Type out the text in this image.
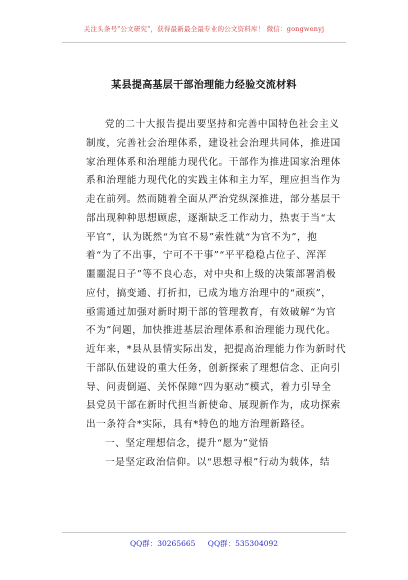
关注头条号"公文研究"，获得最新最全最专业的公文资料库！ 微信：gongwenyj
某县提高基层干部治理能力经验交流材料
党的二十大报告提出要坚持和完善中国特色社会主义
制度，完善社会治理体系，建设社会治理共同体，推进国
家治理体系和治理能力现代化。干部作为推进国家治理体
系和治理能力现代化的实践主体和主力军，理应担当作为
走在前列。然而随着全面从严治党纵深推进，部分基层干
部出现种种思想顾虑，逐渐缺乏工作动力，热衷于当“太
平官”，认为既然“为官不易”索性就“为官不为”，抱
着“为了不出事，宁可不干事”“平平稳稳占位子、浑浑
噩噩混日子”等不良心态，对中央和上级的决策部署消极
应付，搞变通、打折扣，已成为地方治理中的“顽疾”，
亟需通过加强对新时期干部的管理教育，有效破解“为官
不为”问题，加快推进基层治理体系和治理能力现代化。
近年来，*县从县情实际出发，把提高治理能力作为新时代
干部队伍建设的重大任务，创新探索了理想信念、正向引
导、问责倒逼、关怀保障“四为驱动”模式，着力引导全
县党员干部在新时代担当新使命、展现新作为，成功探索
出一条符合*实际，具有*特色的地方治理新路径。
一、坚定理想信念，提升“愿为”觉悟
一是坚定政治信仰。以“思想寻根”行动为载体，结
QQ群：30265665 QQ群：535304092
